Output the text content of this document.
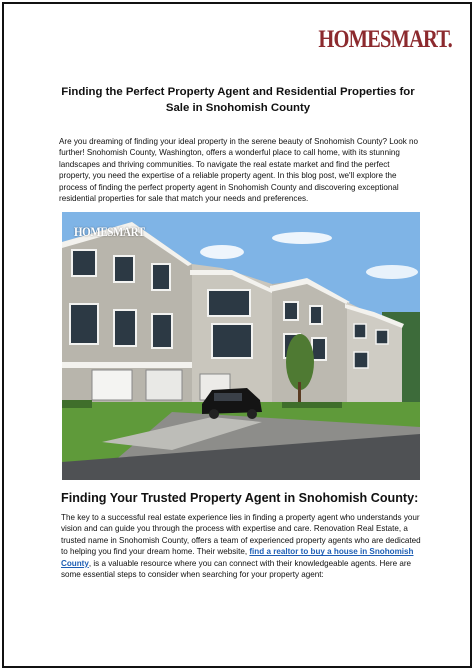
HOMESMART.
Finding the Perfect Property Agent and Residential Properties for Sale in Snohomish County
Are you dreaming of finding your ideal property in the serene beauty of Snohomish County? Look no further! Snohomish County, Washington, offers a wonderful place to call home, with its stunning landscapes and thriving communities. To navigate the real estate market and find the perfect property, you need the expertise of a reliable property agent. In this blog post, we'll explore the process of finding the perfect property agent in Snohomish County and discovering exceptional residential properties for sale that match your needs and preferences.
HOMESMART
Finding Your Trusted Property Agent in Snohomish County:
The key to a successful real estate experience lies in finding a property agent who understands your vision and can guide you through the process with expertise and care. Renovation Real Estate, a trusted name in Snohomish County, offers a team of experienced property agents who are dedicated to helping you find your dream home. Their website, find a realtor to buy a house in Snohomish County, is a valuable resource where you can connect with their knowledgeable agents. Here are some essential steps to consider when searching for your property agent:
